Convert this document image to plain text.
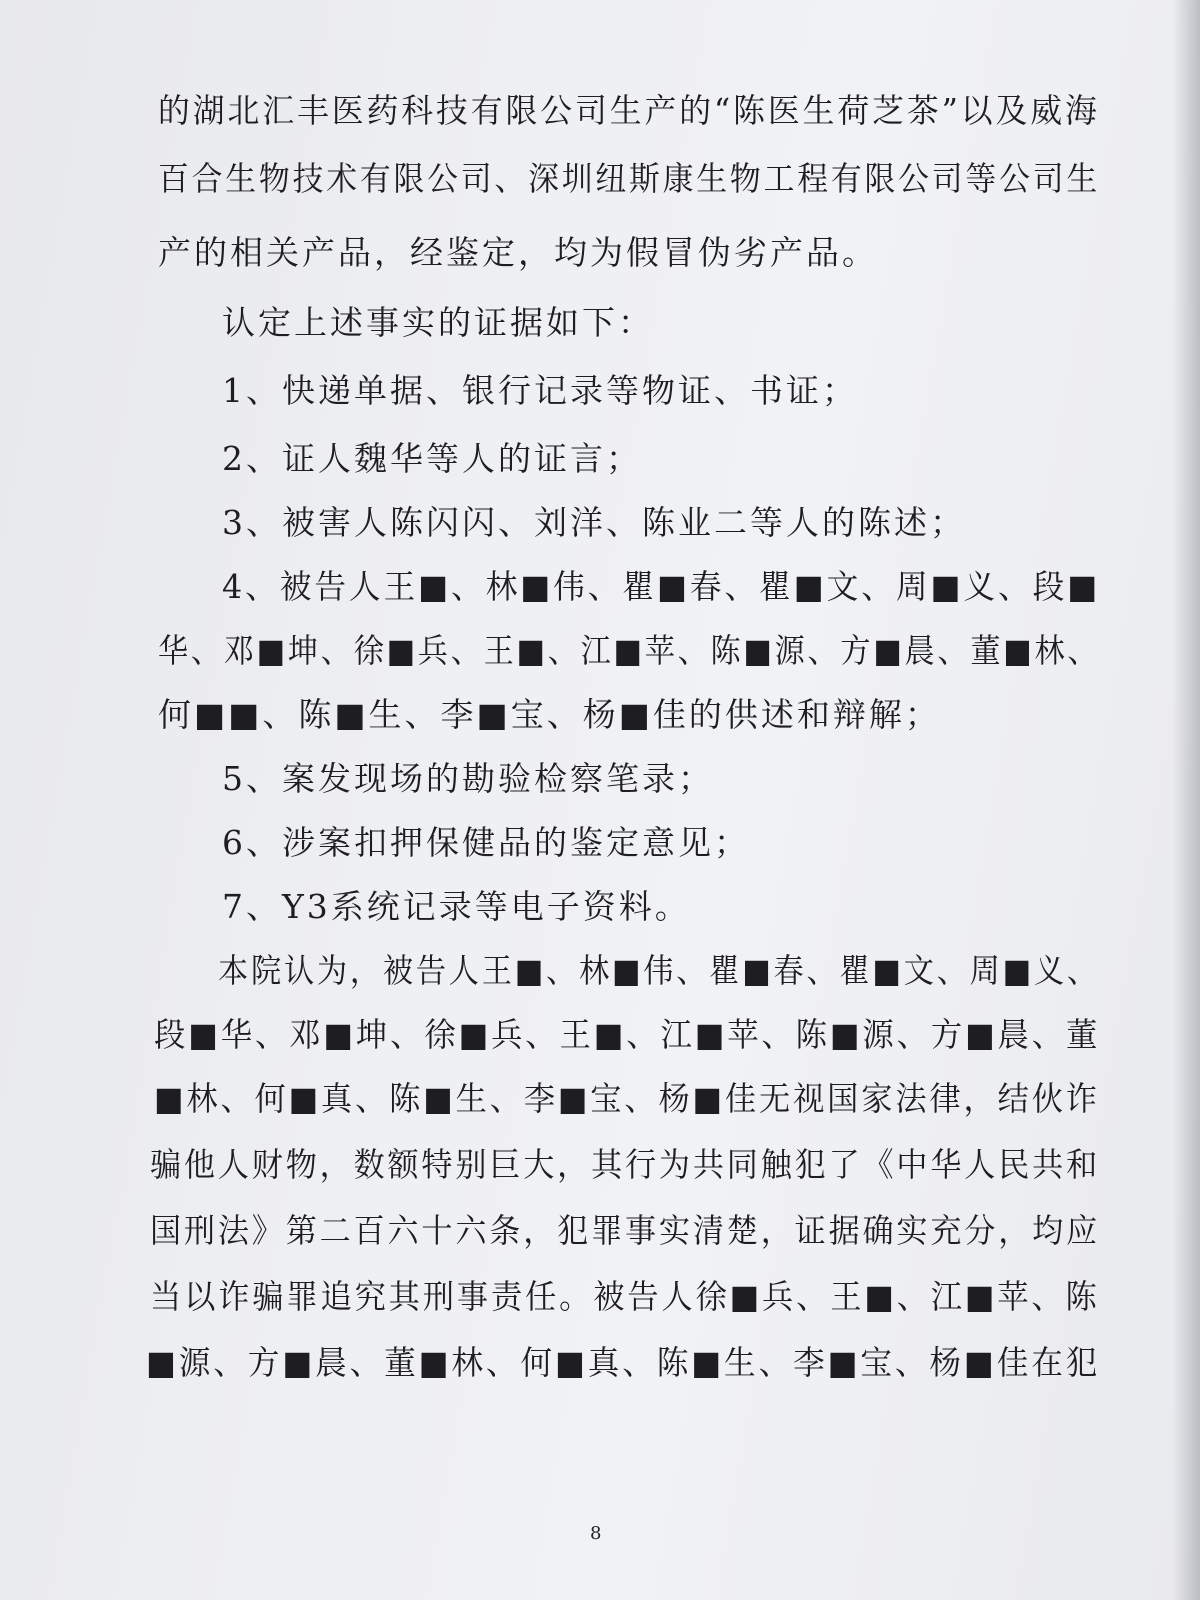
的湖北汇丰医药科技有限公司生产的“陈医生荷芝茶”以及威海
百合生物技术有限公司、深圳纽斯康生物工程有限公司等公司生
产的相关产品，经鉴定，均为假冒伪劣产品。
认定上述事实的证据如下：
1、快递单据、银行记录等物证、书证；
2、证人魏华等人的证言；
3、被害人陈闪闪、刘洋、陈业二等人的陈述；
4、被告人王■、林■伟、瞿■春、瞿■文、周■义、段■
华、邓■坤、徐■兵、王■、江■苹、陈■源、方■晨、董■林、
何■■、陈■生、李■宝、杨■佳的供述和辩解；
5、案发现场的勘验检察笔录；
6、涉案扣押保健品的鉴定意见；
7、Y3系统记录等电子资料。
本院认为，被告人王■、林■伟、瞿■春、瞿■文、周■义、
段■华、邓■坤、徐■兵、王■、江■苹、陈■源、方■晨、董
■林、何■真、陈■生、李■宝、杨■佳无视国家法律，结伙诈
骗他人财物，数额特别巨大，其行为共同触犯了《中华人民共和
国刑法》第二百六十六条，犯罪事实清楚，证据确实充分，均应
当以诈骗罪追究其刑事责任。被告人徐■兵、王■、江■苹、陈
■源、方■晨、董■林、何■真、陈■生、李■宝、杨■佳在犯
8
